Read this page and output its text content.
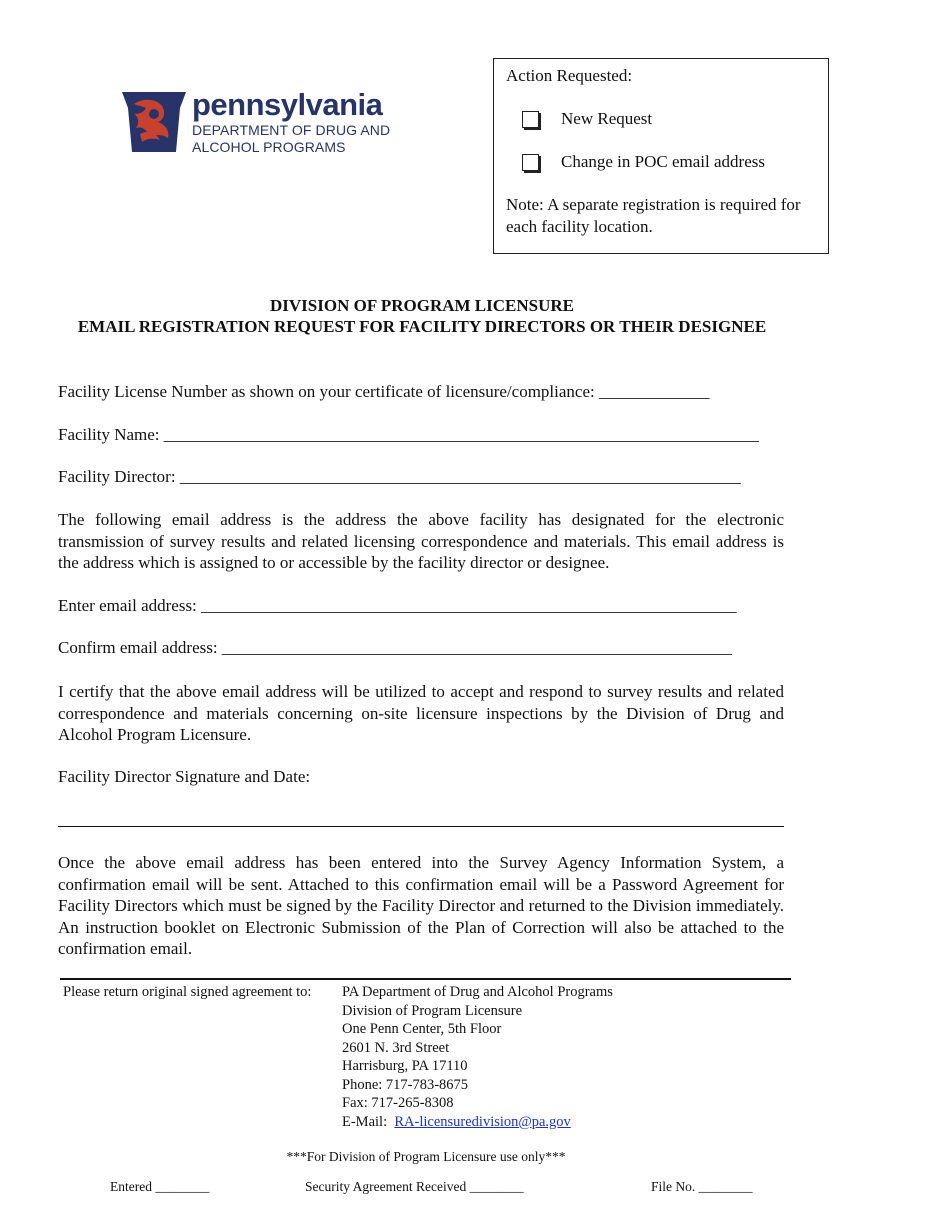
pennsylvania
DEPARTMENT OF DRUG AND
ALCOHOL PROGRAMS
Action Requested:
New Request
Change in POC email address
Note: A separate registration is required for each facility location.
DIVISION OF PROGRAM LICENSURE
EMAIL REGISTRATION REQUEST FOR FACILITY DIRECTORS OR THEIR DESIGNEE
Facility License Number as shown on your certificate of licensure/compliance: _____________
Facility Name: ______________________________________________________________________
Facility Director: __________________________________________________________________
The following email address is the address the above facility has designated for the electronic transmission of survey results and related licensing correspondence and materials. This email address is the address which is assigned to or accessible by the facility director or designee.
Enter email address: _______________________________________________________________
Confirm email address: ____________________________________________________________
I certify that the above email address will be utilized to accept and respond to survey results and related correspondence and materials concerning on-site licensure inspections by the Division of Drug and Alcohol Program Licensure.
Facility Director Signature and Date:
Once the above email address has been entered into the Survey Agency Information System, a confirmation email will be sent. Attached to this confirmation email will be a Password Agreement for Facility Directors which must be signed by the Facility Director and returned to the Division immediately. An instruction booklet on Electronic Submission of the Plan of Correction will also be attached to the confirmation email.
Please return original signed agreement to: PA Department of Drug and Alcohol Programs
Division of Program Licensure
One Penn Center, 5th Floor
2601 N. 3rd Street
Harrisburg, PA 17110
Phone: 717-783-8675
Fax: 717-265-8308
E-Mail: RA-licensuredivision@pa.gov
***For Division of Program Licensure use only***
Entered ________	Security Agreement Received ________	File No. ________
